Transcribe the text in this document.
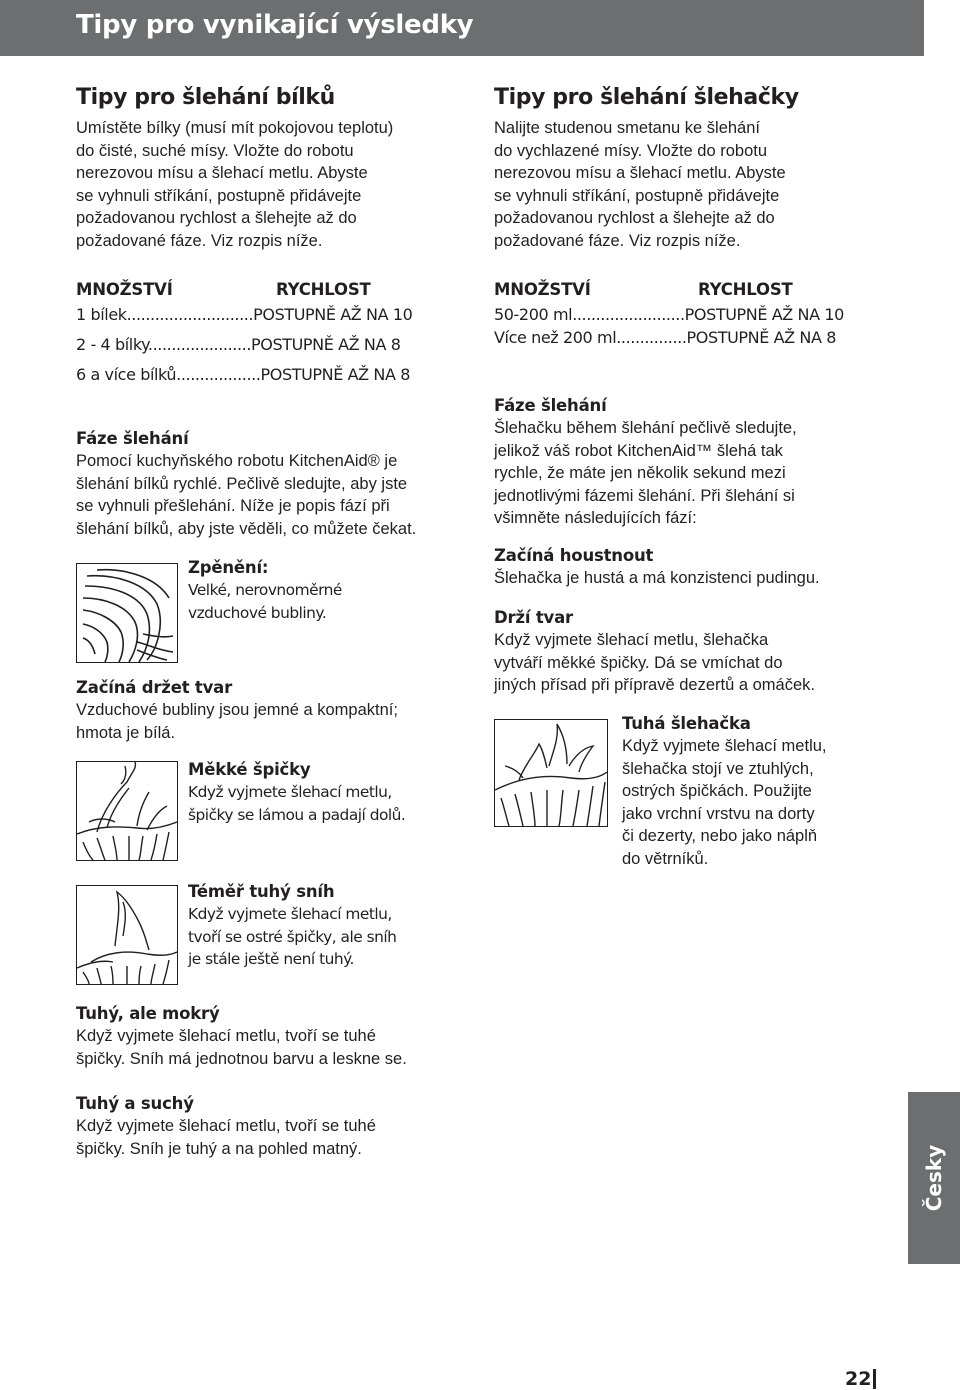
Tipy pro vynikající výsledky
Tipy pro šlehání bílků

Umístěte bílky (musí mít pokojovou teplotu)

do čisté, suché mísy. Vložte do robotu

nerezovou mísu a šlehací metlu. Abyste

se vyhnuli stříkání, postupně přidávejte

požadovanou rychlost a šlehejte až do

požadované fáze. Viz rozpis níže.

MNOŽSTVÍ	RYCHLOST
1 bílek...........................POSTUPNĚ AŽ NA 10
2 - 4 bílky......................POSTUPNĚ AŽ NA 8
6 a více bílků..................POSTUPNĚ AŽ NA 8

Fáze šlehání

Pomocí kuchyňského robotu KitchenAid® je

šlehání bílků rychlé. Pečlivě sledujte, aby jste

se vyhnuli přešlehání. Níže je popis fází při

šlehání bílků, aby jste věděli, co můžete čekat.

Zpěnění:

Velké, nerovnoměrné

vzduchové bubliny.

Začíná držet tvar

Vzduchové bubliny jsou jemné a kompaktní;

hmota je bílá.

Měkké špičky

Když vyjmete šlehací metlu,

špičky se lámou a padají dolů.

Téměř tuhý sníh

Když vyjmete šlehací metlu,

tvoří se ostré špičky, ale sníh

je stále ještě není tuhý.

Tuhý, ale mokrý

Když vyjmete šlehací metlu, tvoří se tuhé

špičky. Sníh má jednotnou barvu a leskne se.

Tuhý a suchý

Když vyjmete šlehací metlu, tvoří se tuhé

špičky. Sníh je tuhý a na pohled matný.

Tipy pro šlehání šlehačky

Nalijte studenou smetanu ke šlehání

do vychlazené mísy. Vložte do robotu

nerezovou mísu a šlehací metlu. Abyste

se vyhnuli stříkání, postupně přidávejte

požadovanou rychlost a šlehejte až do

požadované fáze. Viz rozpis níže.

MNOŽSTVÍ	RYCHLOST
50-200 ml........................POSTUPNĚ AŽ NA 10
Více než 200 ml...............POSTUPNĚ AŽ NA 8

Fáze šlehání

Šlehačku během šlehání pečlivě sledujte,

jelikož váš robot KitchenAid™ šlehá tak

rychle, že máte jen několik sekund mezi

jednotlivými fázemi šlehání. Při šlehání si

všimněte následujících fází:

Začíná houstnout

Šlehačka je hustá a má konzistenci pudingu.

Drží tvar

Když vyjmete šlehací metlu, šlehačka

vytváří měkké špičky. Dá se vmíchat do

jiných přísad při přípravě dezertů a omáček.

Tuhá šlehačka

Když vyjmete šlehací metlu,

šlehačka stojí ve ztuhlých,

ostrých špičkách. Použijte

jako vrchní vrstvu na dorty

či dezerty, nebo jako náplň

do větrníků.

Česky
22
